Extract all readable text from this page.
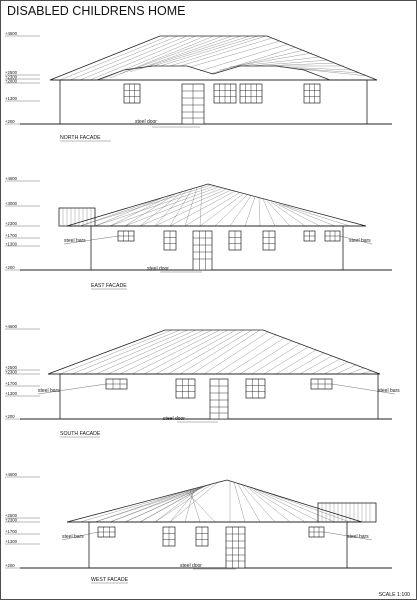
DISABLED CHILDRENS HOME
+4600
+2500
+2300
+2000
+1300
+200	steel door
NORTH FACADE
+4600
+3000
+2300
+1700
+1300
+200
steel bars	steel bars
steel door
EAST FACADE
+4600
+2500
+2300
+1700
+1300
+200
steel bars	steel bars
steel door
SOUTH FACADE
+4600
+2500
+2300
+1700
+1300
+200
steel bars	steel bars
steel door
WEST FACADE
SCALE 1:100
